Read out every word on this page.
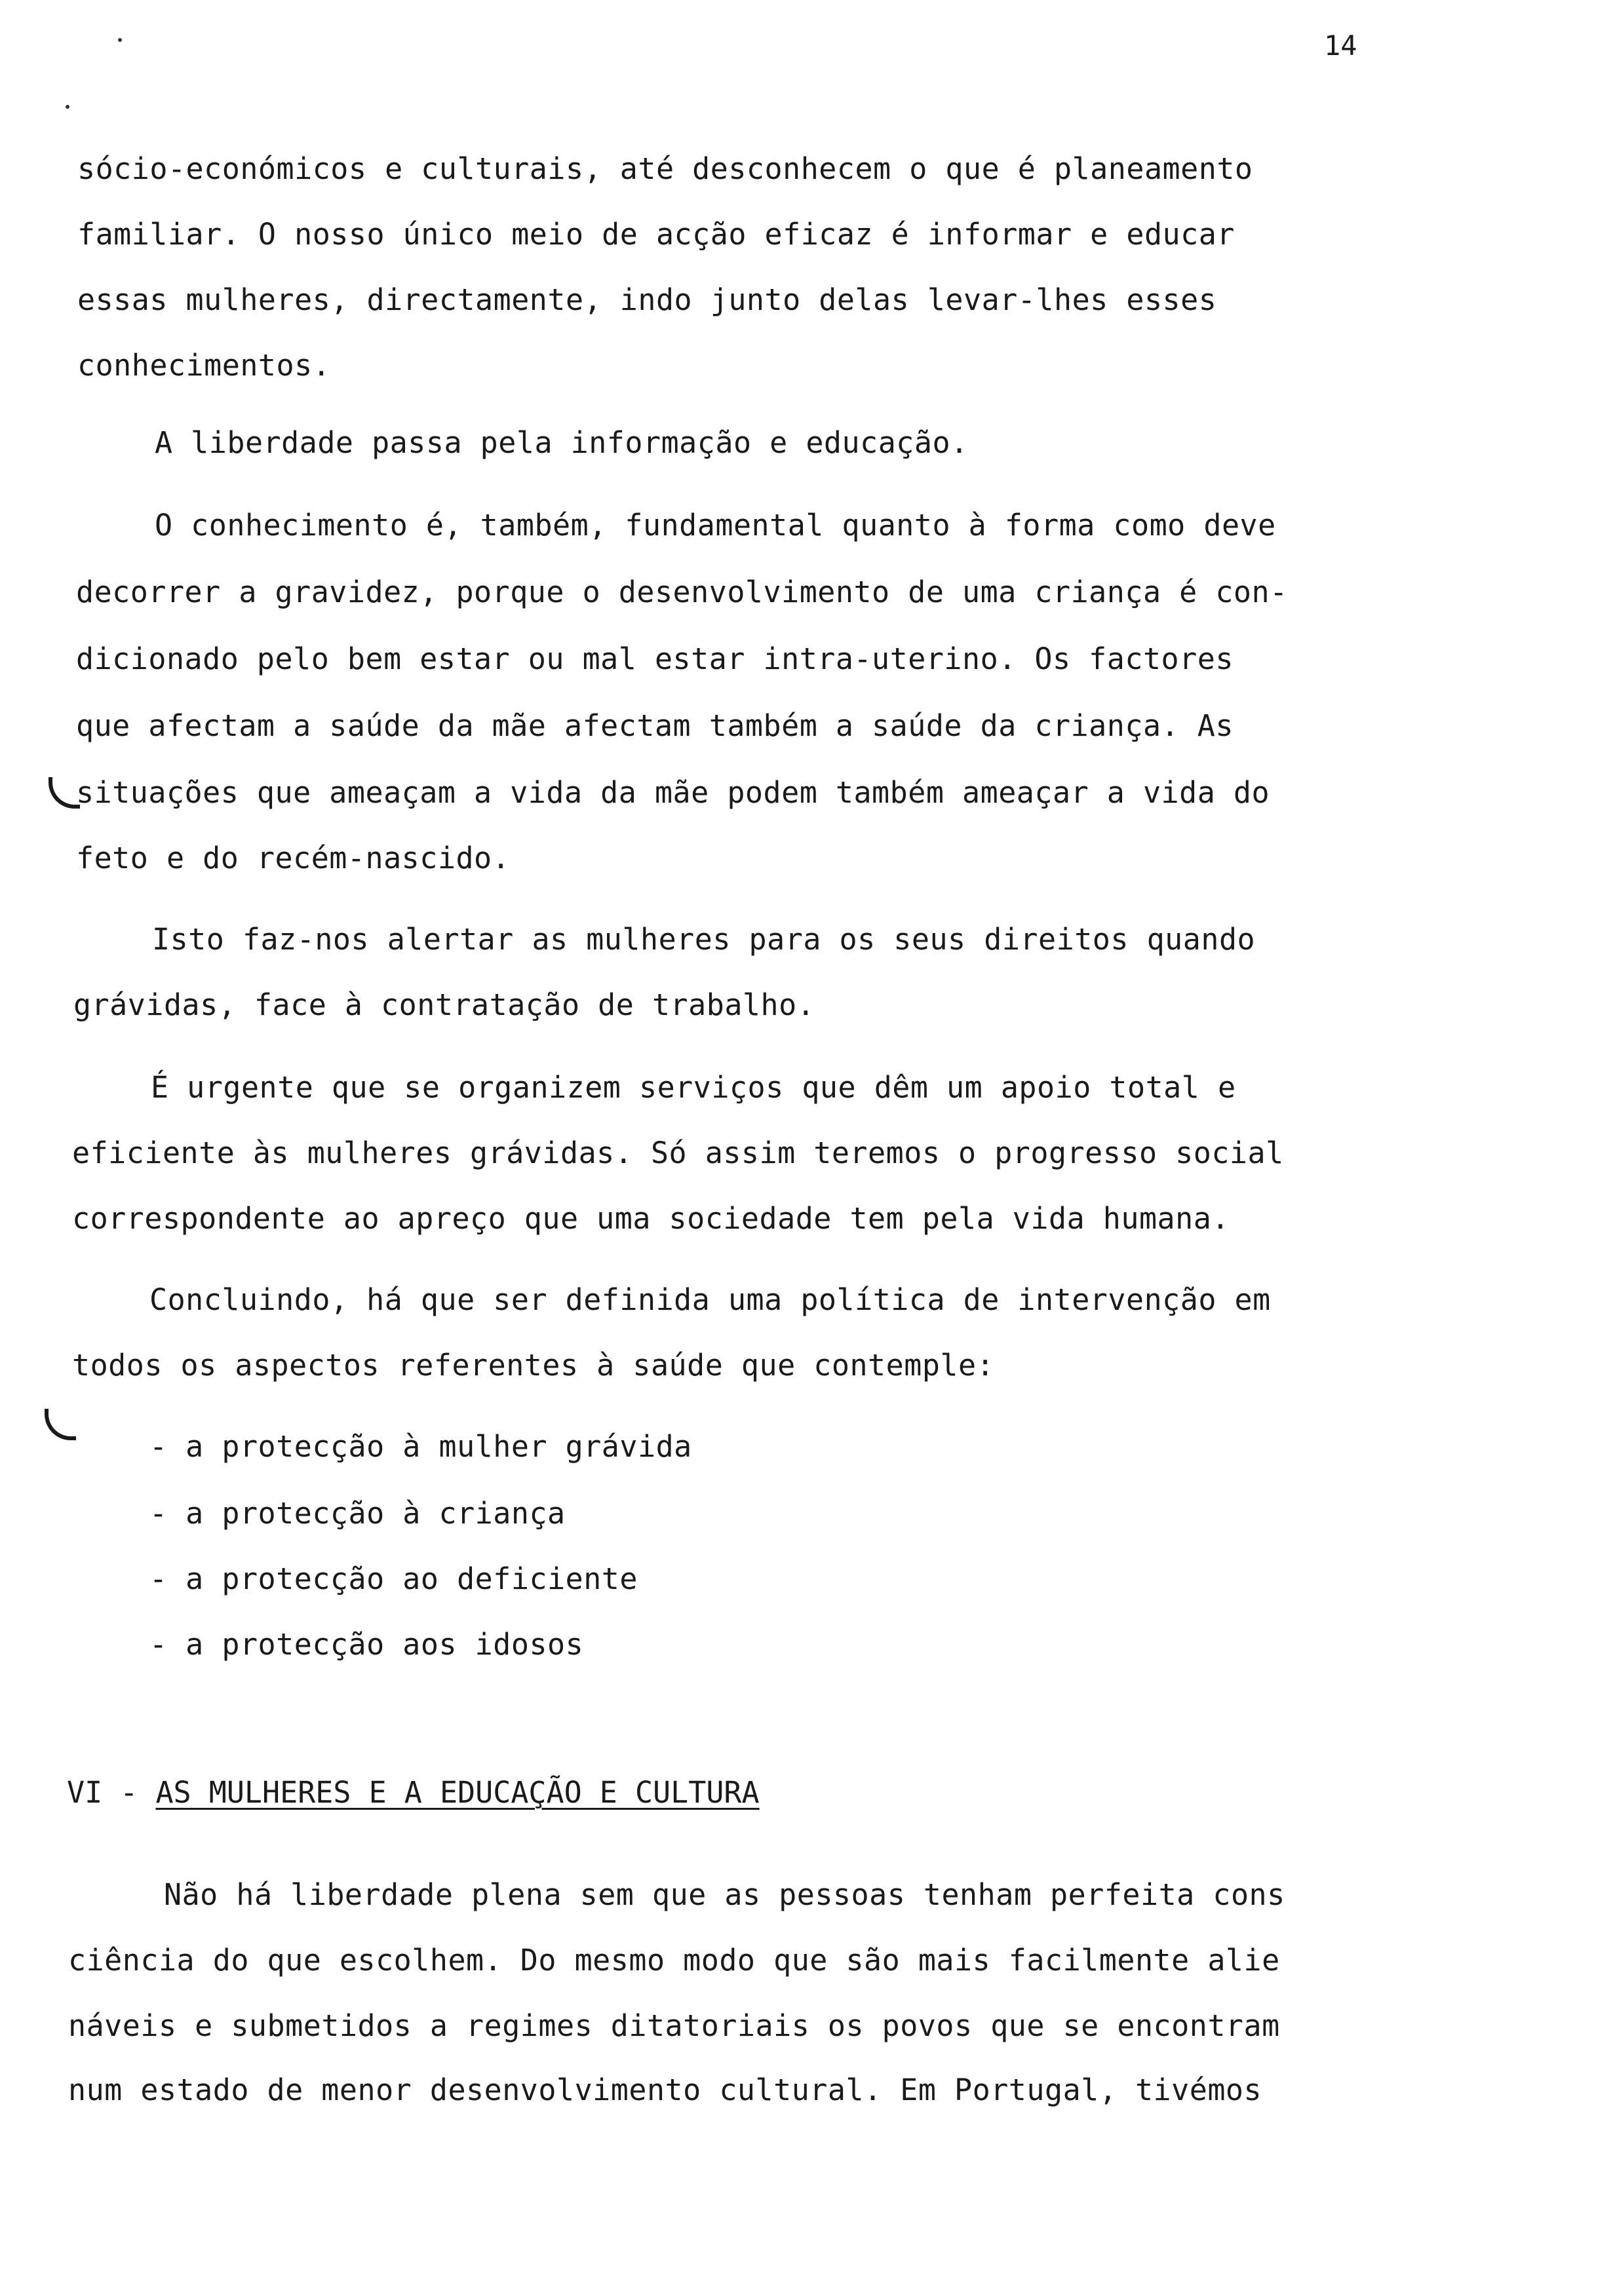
14
sócio-económicos e culturais, até desconhecem o que é planeamento
familiar. O nosso único meio de acção eficaz é informar e educar
essas mulheres, directamente, indo junto delas levar-lhes esses
conhecimentos.
A liberdade passa pela informação e educação.
O conhecimento é, também, fundamental quanto à forma como deve
decorrer a gravidez, porque o desenvolvimento de uma criança é con-
dicionado pelo bem estar ou mal estar intra-uterino. Os factores
que afectam a saúde da mãe afectam também a saúde da criança. As
situações que ameaçam a vida da mãe podem também ameaçar a vida do
feto e do recém-nascido.
Isto faz-nos alertar as mulheres para os seus direitos quando
grávidas, face à contratação de trabalho.
É urgente que se organizem serviços que dêm um apoio total e
eficiente às mulheres grávidas. Só assim teremos o progresso social
correspondente ao apreço que uma sociedade tem pela vida humana.
Concluindo, há que ser definida uma política de intervenção em
todos os aspectos referentes à saúde que contemple:
- a protecção à mulher grávida
- a protecção à criança
- a protecção ao deficiente
- a protecção aos idosos
VI - AS MULHERES E A EDUCAÇÃO E CULTURA
Não há liberdade plena sem que as pessoas tenham perfeita cons
ciência do que escolhem. Do mesmo modo que são mais facilmente alie
náveis e submetidos a regimes ditatoriais os povos que se encontram
num estado de menor desenvolvimento cultural. Em Portugal, tivémos
